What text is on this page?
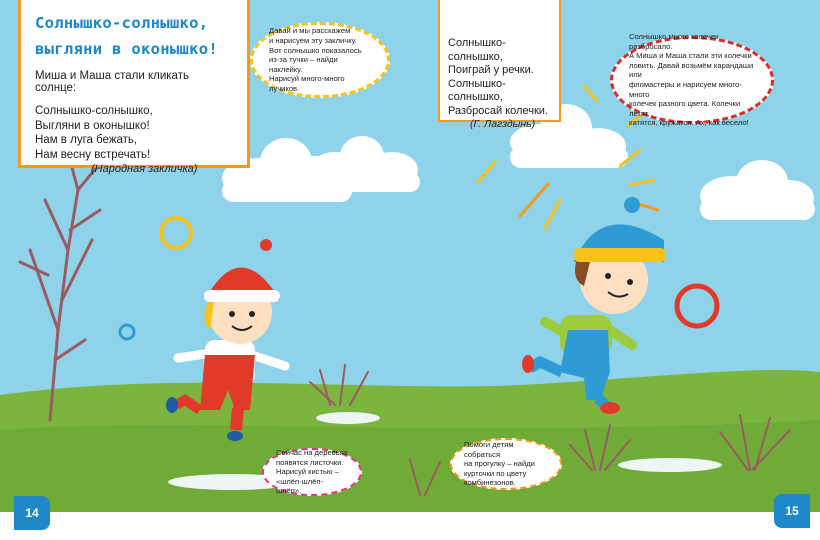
Солнышко-солнышко,
выгляни в оконышко!
Миша и Маша стали кликать солнце:
Солнышко-солнышко,
Выгляни в оконышко!
Нам в луга бежать,
Нам весну встречать!
(Народная закличка)
Солнышко-солнышко,
Поиграй у речки.
Солнышко-солнышко,
Разбросай колечки.
(Г. Лагздынь)
Давай и мы расскажем
и нарисуем эту закличку.
Вот солнышко показалось
из-за тучки – найди наклейку.
Нарисуй много-много лучиков.
Солнышко много колечек разбросало.
А Миша и Маша стали эти колечки
ловить. Давай возьмём карандаши или
фломастеры и нарисуем много-много
колечек разного цвета. Колечки летят,
катятся, кружатся. Ах, как весело!
Сейчас на деревьях
появятся листочки.
Нарисуй кистью –
«шлёп-шлёп-шлёп».
Помоги детям собраться
на прогулку – найди
курточки по цвету
комбинезонов.
14	15
